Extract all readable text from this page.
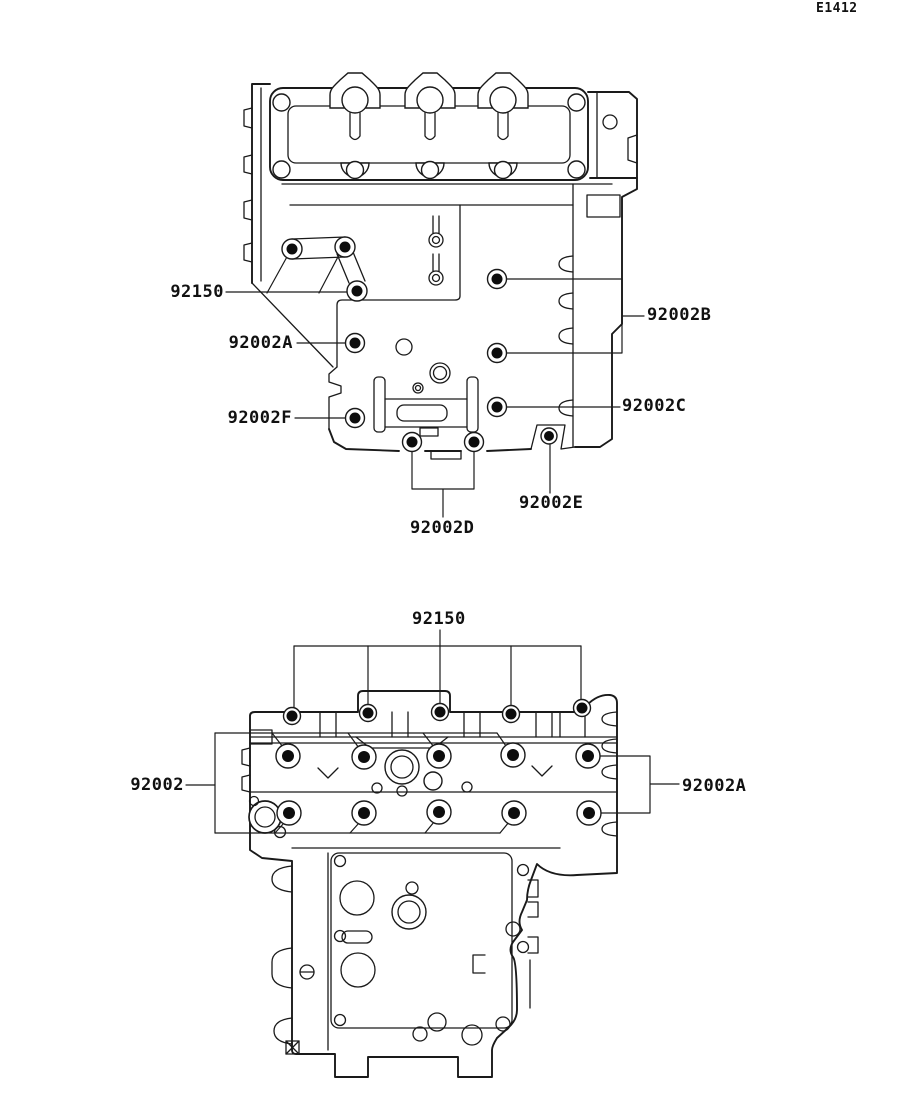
E1412
92150
92002A
92002F
92002B
92002C
92002D
92002E
92150
92002	92002A
